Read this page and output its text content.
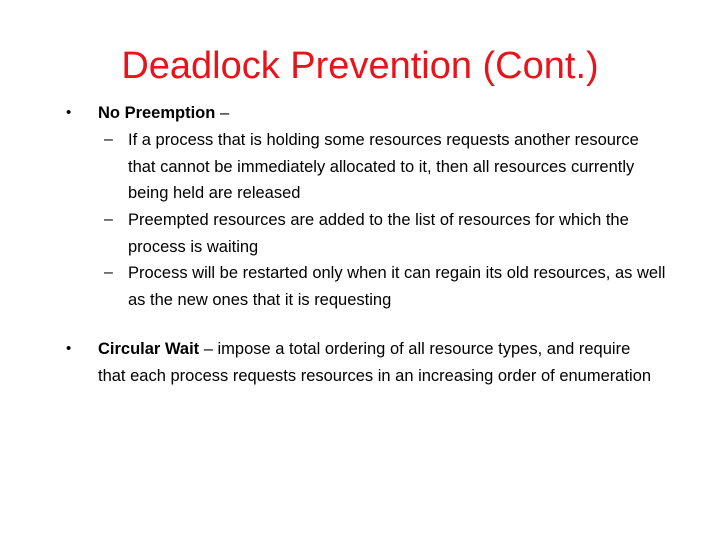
Deadlock Prevention (Cont.)
• No Preemption –
– If a process that is holding some resources requests another resource that cannot be immediately allocated to it, then all resources currently being held are released
– Preempted resources are added to the list of resources for which the process is waiting
– Process will be restarted only when it can regain its old resources, as well as the new ones that it is requesting
• Circular Wait – impose a total ordering of all resource types, and require that each process requests resources in an increasing order of enumeration
